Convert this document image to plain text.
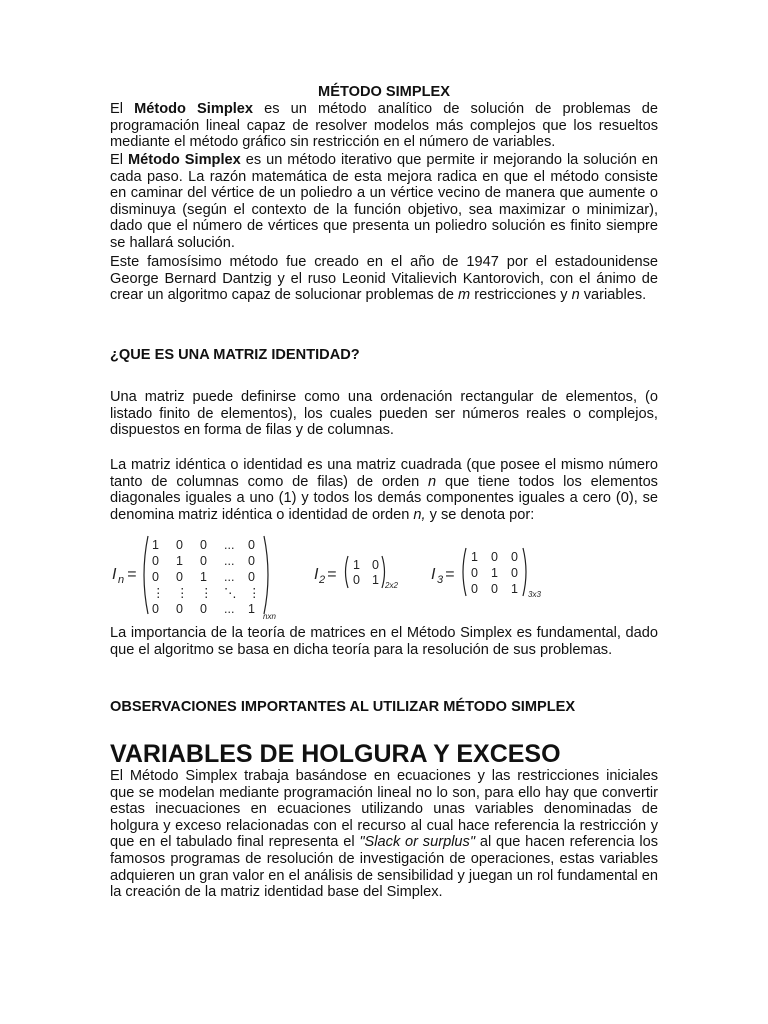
MÉTODO SIMPLEX

El Método Simplex es un método analítico de solución de problemas de programación lineal capaz de resolver modelos más complejos que los resueltos mediante el método gráfico sin restricción en el número de variables.

El Método Simplex es un método iterativo que permite ir mejorando la solución en cada paso. La razón matemática de esta mejora radica en que el método consiste en caminar del vértice de un poliedro a un vértice vecino de manera que aumente o disminuya (según el contexto de la función objetivo, sea maximizar o minimizar), dado que el número de vértices que presenta un poliedro solución es finito siempre se hallará solución.

Este famosísimo método fue creado en el año de 1947 por el estadounidense George Bernard Dantzig y el ruso Leonid Vitalievich Kantorovich, con el ánimo de crear un algoritmo capaz de solucionar problemas de m restricciones y n variables.

¿QUE ES UNA MATRIZ IDENTIDAD?

Una matriz puede definirse como una ordenación rectangular de elementos, (o listado finito de elementos), los cuales pueden ser números reales o complejos, dispuestos en forma de filas y de columnas.

La matriz idéntica o identidad es una matriz cuadrada (que posee el mismo número tanto de columnas como de filas) de orden n que tiene todos los elementos diagonales iguales a uno (1) y todos los demás componentes iguales a cero (0), se denomina matriz idéntica o identidad de orden n, y se denota por:

I n =
1 0 0 ... 0
0 1 0 ... 0
0 0 1 ... 0
⋮ ⋮ ⋮ ⋱ ⋮
0 0 0 ... 1
nxn
I 2 =
1 0
0 1 2x2
I 3 =
1 0 0
0 1 0
0 0 1 3x3

La importancia de la teoría de matrices en el Método Simplex es fundamental, dado que el algoritmo se basa en dicha teoría para la resolución de sus problemas.

OBSERVACIONES IMPORTANTES AL UTILIZAR MÉTODO SIMPLEX
VARIABLES DE HOLGURA Y EXCESO

El Método Simplex trabaja basándose en ecuaciones y las restricciones iniciales que se modelan mediante programación lineal no lo son, para ello hay que convertir estas inecuaciones en ecuaciones utilizando unas variables denominadas de holgura y exceso relacionadas con el recurso al cual hace referencia la restricción y que en el tabulado final representa el "Slack or surplus" al que hacen referencia los famosos programas de resolución de investigación de operaciones, estas variables adquieren un gran valor en el análisis de sensibilidad y juegan un rol fundamental en la creación de la matriz identidad base del Simplex.
